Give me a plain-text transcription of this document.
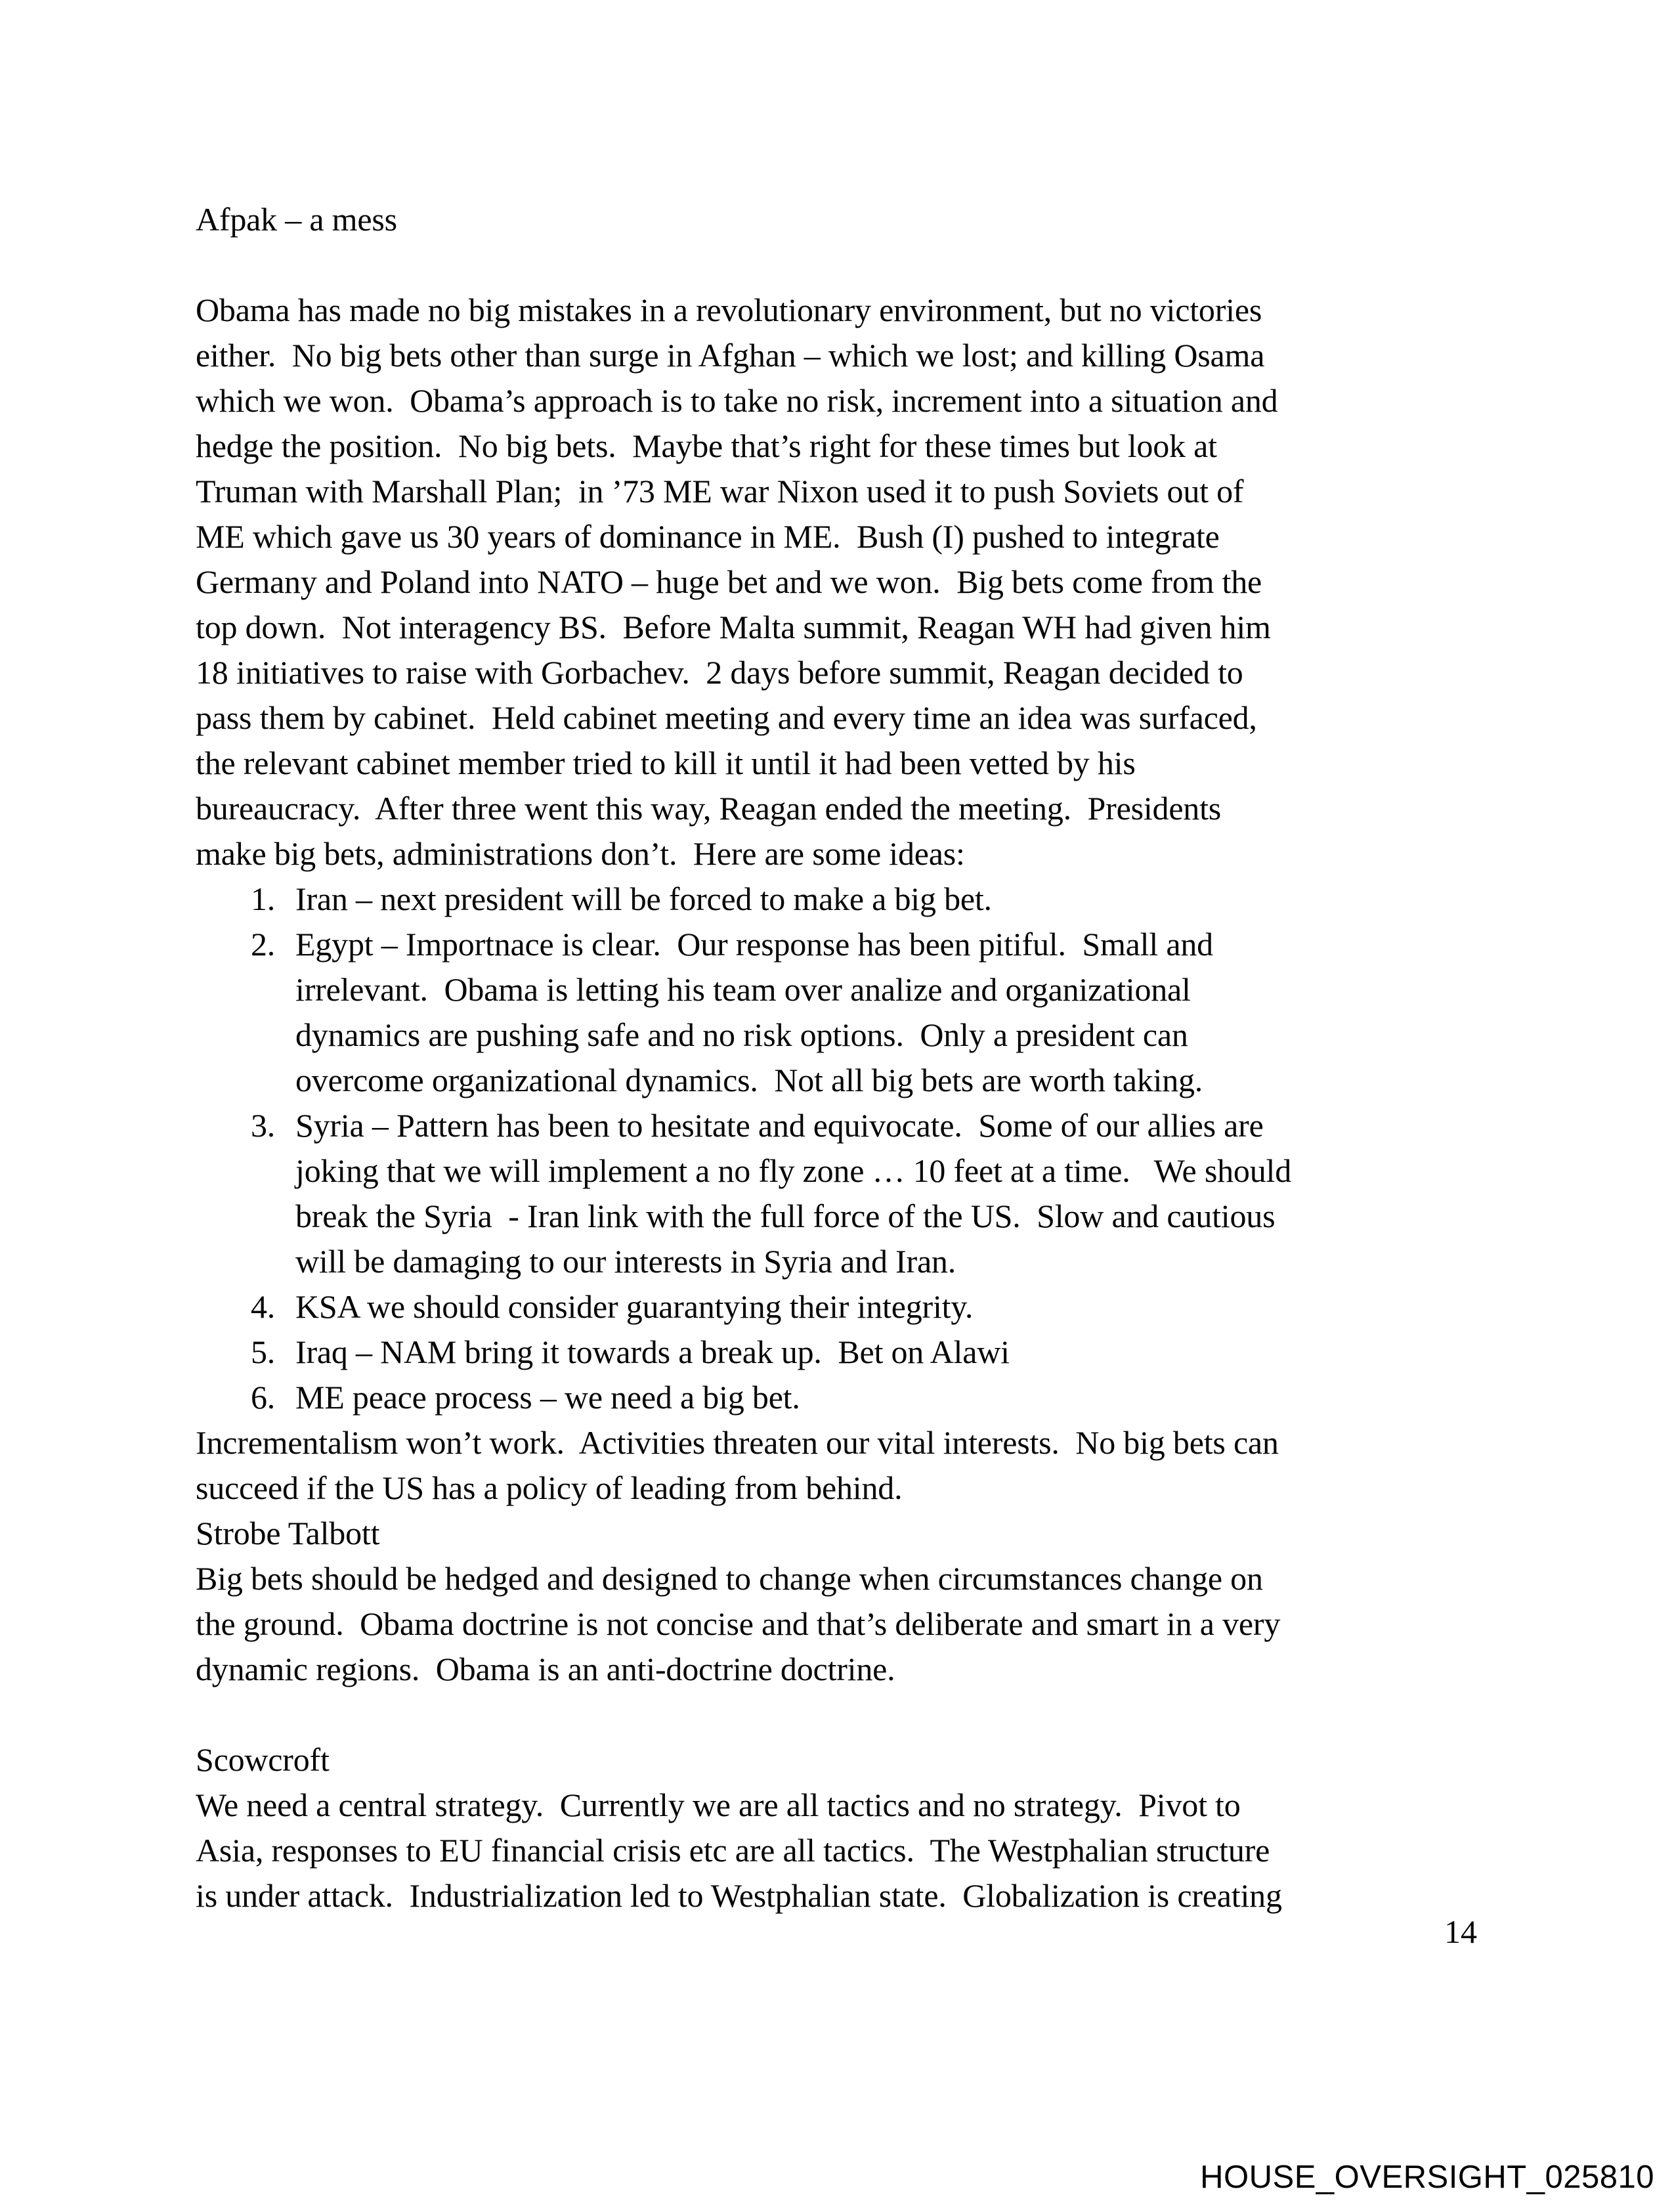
Afpak – a mess
Obama has made no big mistakes in a revolutionary environment, but no victories
either.  No big bets other than surge in Afghan – which we lost; and killing Osama
which we won.  Obama’s approach is to take no risk, increment into a situation and
hedge the position.  No big bets.  Maybe that’s right for these times but look at
Truman with Marshall Plan;  in ’73 ME war Nixon used it to push Soviets out of
ME which gave us 30 years of dominance in ME.  Bush (I) pushed to integrate
Germany and Poland into NATO – huge bet and we won.  Big bets come from the
top down.  Not interagency BS.  Before Malta summit, Reagan WH had given him
18 initiatives to raise with Gorbachev.  2 days before summit, Reagan decided to
pass them by cabinet.  Held cabinet meeting and every time an idea was surfaced,
the relevant cabinet member tried to kill it until it had been vetted by his
bureaucracy.  After three went this way, Reagan ended the meeting.  Presidents
make big bets, administrations don’t.  Here are some ideas:
1. Iran – next president will be forced to make a big bet.
2. Egypt – Importnace is clear.  Our response has been pitiful.  Small and
irrelevant.  Obama is letting his team over analize and organizational
dynamics are pushing safe and no risk options.  Only a president can
overcome organizational dynamics.  Not all big bets are worth taking.
3. Syria – Pattern has been to hesitate and equivocate.  Some of our allies are
joking that we will implement a no fly zone … 10 feet at a time.   We should
break the Syria  - Iran link with the full force of the US.  Slow and cautious
will be damaging to our interests in Syria and Iran.
4. KSA we should consider guarantying their integrity.
5. Iraq – NAM bring it towards a break up.  Bet on Alawi
6. ME peace process – we need a big bet.
Incrementalism won’t work.  Activities threaten our vital interests.  No big bets can
succeed if the US has a policy of leading from behind.
Strobe Talbott
Big bets should be hedged and designed to change when circumstances change on
the ground.  Obama doctrine is not concise and that’s deliberate and smart in a very
dynamic regions.  Obama is an anti-doctrine doctrine.
Scowcroft
We need a central strategy.  Currently we are all tactics and no strategy.  Pivot to
Asia, responses to EU financial crisis etc are all tactics.  The Westphalian structure
is under attack.  Industrialization led to Westphalian state.  Globalization is creating
14
HOUSE_OVERSIGHT_025810
